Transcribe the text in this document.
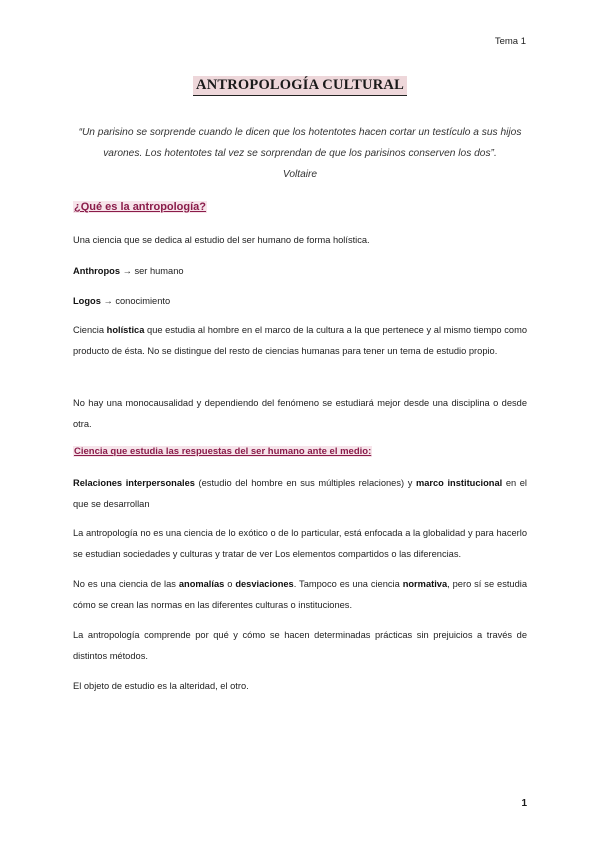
Tema 1
ANTROPOLOGÍA CULTURAL
“Un parisino se sorprende cuando le dicen que los hotentotes hacen cortar un testículo a sus hijos varones. Los hotentotes tal vez se sorprendan de que los parisinos conserven los dos”.
Voltaire
¿Qué es la antropología?
Una ciencia que se dedica al estudio del ser humano de forma holística.
Anthropos → ser humano
Logos → conocimiento
Ciencia holística que estudia al hombre en el marco de la cultura a la que pertenece y al mismo tiempo como producto de ésta. No se distingue del resto de ciencias humanas para tener un tema de estudio propio.
No hay una monocausalidad y dependiendo del fenómeno se estudiará mejor desde una disciplina o desde otra.
Ciencia que estudia las respuestas del ser humano ante el medio:
Relaciones interpersonales (estudio del hombre en sus múltiples relaciones) y marco institucional en el que se desarrollan
La antropología no es una ciencia de lo exótico o de lo particular, está enfocada a la globalidad y para hacerlo se estudian sociedades y culturas y tratar de ver Los elementos compartidos o las diferencias.
No es una ciencia de las anomalías o desviaciones. Tampoco es una ciencia normativa, pero sí se estudia cómo se crean las normas en las diferentes culturas o instituciones.
La antropología comprende por qué y cómo se hacen determinadas prácticas sin prejuicios a través de distintos métodos.
El objeto de estudio es la alteridad, el otro.
1
